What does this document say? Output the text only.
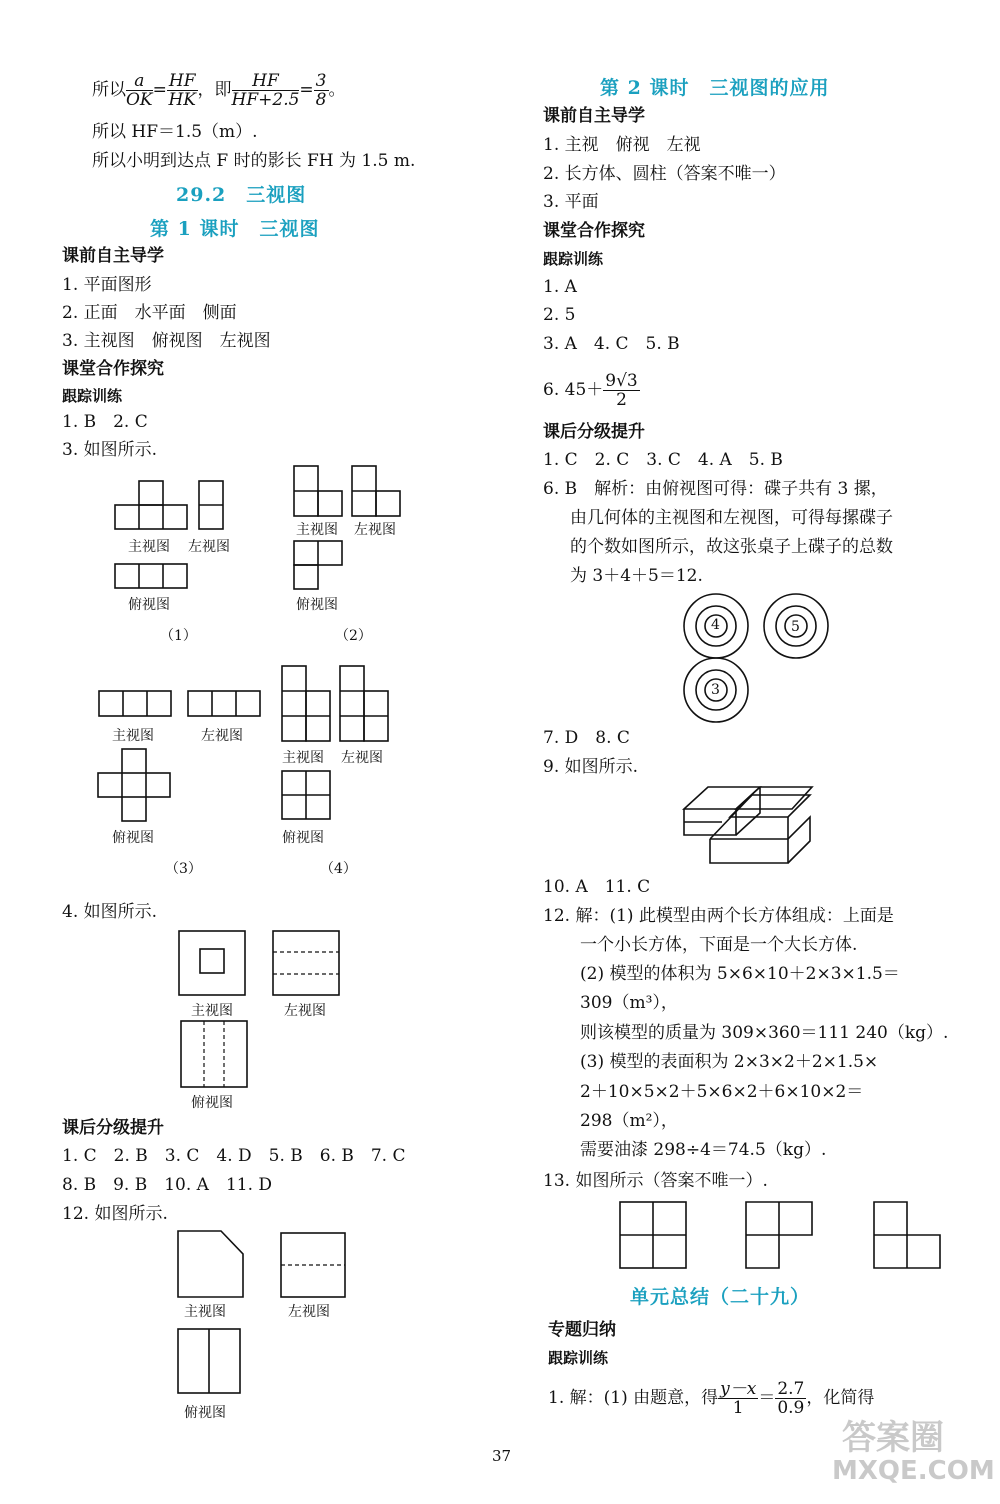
所以 $\frac{a}{OK} = \frac{HF}{HK}$ ，即 $\frac{HF}{HF+2.5} = \frac{3}{8}$ 。
所以 HF＝1.5（m）.
所以小明到达点 F 时的影长 FH 为 1.5 m.
29.2　三视图
第 1 课时　三视图
课前自主导学
1. 平面图形
2. 正面　水平面　侧面
3. 主视图　俯视图　左视图
课堂合作探究
跟踪训练
1. B　2. C
3. 如图所示.
主视图 左视图
俯视图
（1）
主视图 左视图
俯视图
（2）
主视图	左视图
俯视图
（3）
主视图 左视图
俯视图
（4）
4. 如图所示.
主视图	左视图
俯视图
课后分级提升
1. C　2. B　3. C　4. D　5. B　6. B　7. C
8. B　9. B　10. A　11. D
12. 如图所示.
主视图	左视图
俯视图
第 2 课时　三视图的应用
课前自主导学
1. 主视　俯视　左视
2. 长方体、圆柱（答案不唯一）
3. 平面
课堂合作探究
跟踪训练
1. A
2. 5
3. A　4. C　5. B
6. $45+ \frac{9√3}{2}$
课后分级提升
1. C　2. C　3. C　4. A　5. B
6. B　解析：由俯视图可得：碟子共有 3 摞，
由几何体的主视图和左视图，可得每摞碟子
的个数如图所示，故这张桌子上碟子的总数
为 3＋4＋5＝12.
4	5
3
7. D　8. C
9. 如图所示.
10. A　11. C
12. 解：(1) 此模型由两个长方体组成：上面是
一个小长方体，下面是一个大长方体.
(2) 模型的体积为 5×6×10＋2×3×1.5＝
309（m³），
则该模型的质量为 309×360＝111 240（kg）.
(3) 模型的表面积为 2×3×2＋2×1.5×
2＋10×5×2＋5×6×2＋6×10×2＝
298（m²），
需要油漆 298÷4＝74.5（kg）.
13. 如图所示（答案不唯一）.
单元总结（二十九）
专题归纳
跟踪训练
1. 解：(1) 由题意，得 $\frac{y-x}{1} = \frac{2.7}{0.9}$ ，化简得
37	答案圈
MXQE.COM
